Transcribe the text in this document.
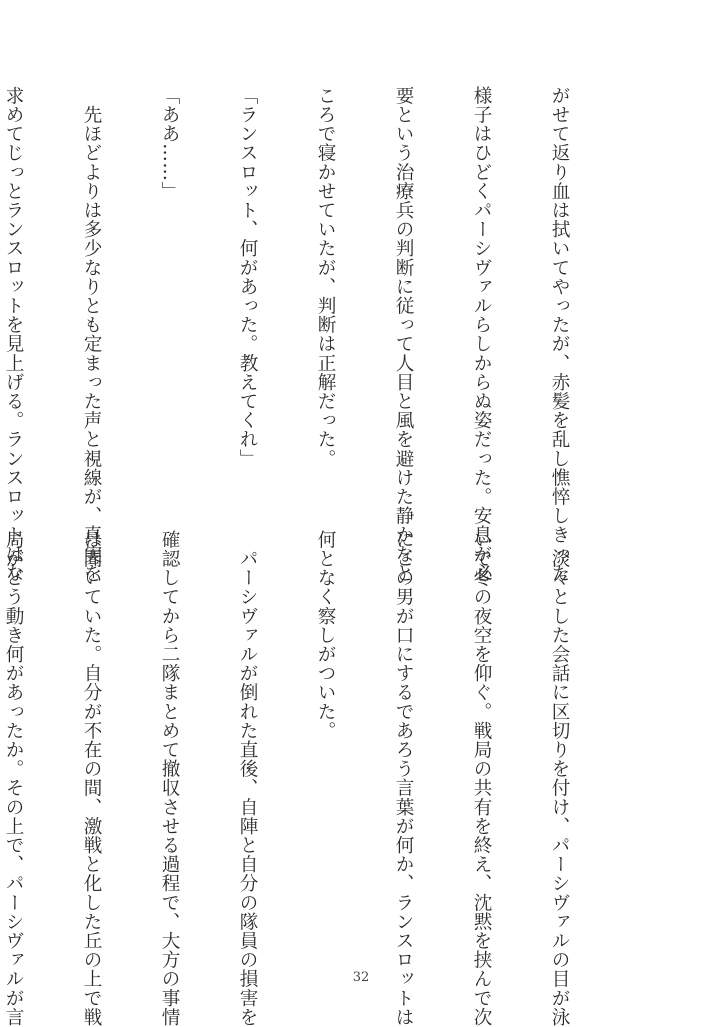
がせて返り血は拭いてやったが、赤髪を乱し憔悴しきった

様子はひどくパーシヴァルらしからぬ姿だった。安息が必

要という治療兵の判断に従って人目と風を避けた静かなと

ころで寝かせていたが、判断は正解だった。

「ランスロット、何があった。教えてくれ」

「ああ……」

　先ほどよりは多少なりとも定まった声と視線が、真実を

求めてじっとランスロットを見上げる。ランスロットはな

　淡々とした会話に区切りを付け、パーシヴァルの目が泳

いで冬の夜空を仰ぐ。戦局の共有を終え、沈黙を挟んで次

にこの男が口にするであろう言葉が何か、ランスロットは

何となく察しがついた。

　パーシヴァルが倒れた直後、自陣と自分の隊員の損害を

確認してから二隊まとめて撤収させる過程で、大方の事情

は聞いていた。自分が不在の間、激戦と化した丘の上で戦

局がどう動き何があったか。その上で、パーシヴァルが言

	32
